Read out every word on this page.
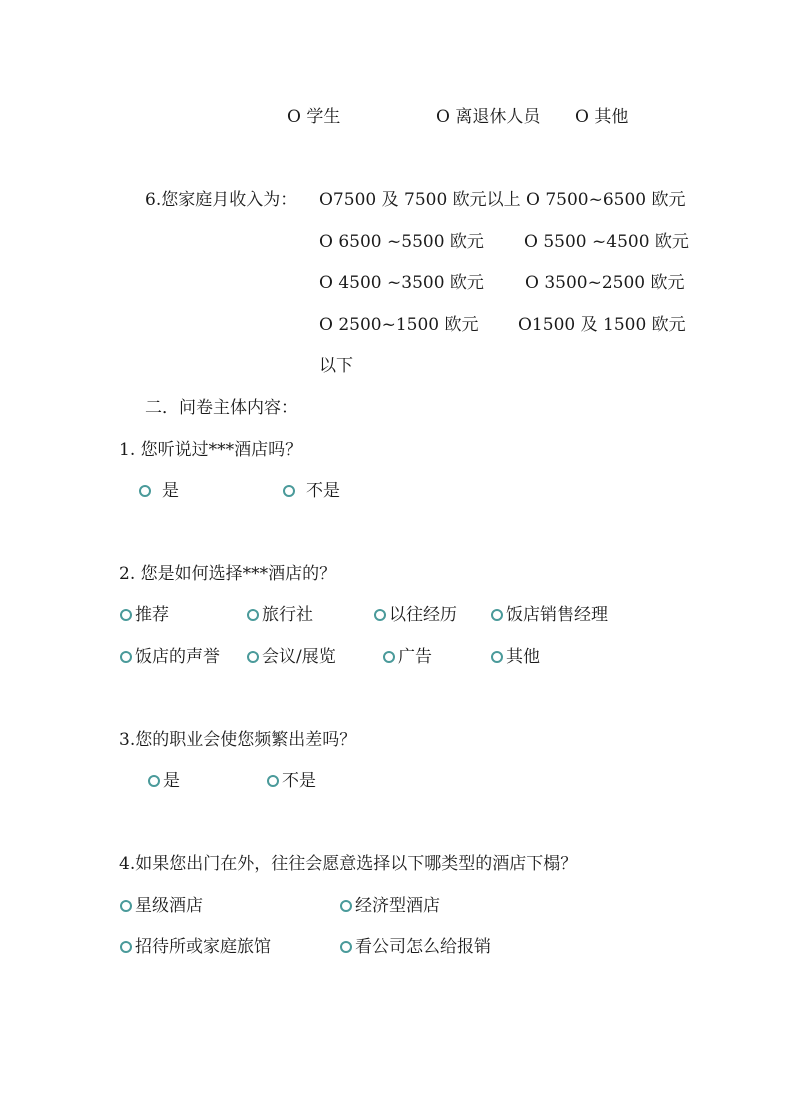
O 学生	O 离退休人员 O 其他
6.您家庭月收入为： O7500 及 7500 欧元以上 O 7500~6500 欧元
O 6500 ~5500 欧元 O 5500 ~4500 欧元
O 4500 ~3500 欧元 O 3500~2500 欧元
O 2500~1500 欧元 O1500 及 1500 欧元
以下
二．问卷主体内容：
1. 您听说过***酒店吗？
是	不是
2. 您是如何选择***酒店的？
推荐	旅行社	以往经历	饭店销售经理
饭店的声誉 会议/展览	广告	其他
3.您的职业会使您频繁出差吗？
是	不是
4.如果您出门在外，往往会愿意选择以下哪类型的酒店下榻？
星级酒店	经济型酒店
招待所或家庭旅馆	看公司怎么给报销
